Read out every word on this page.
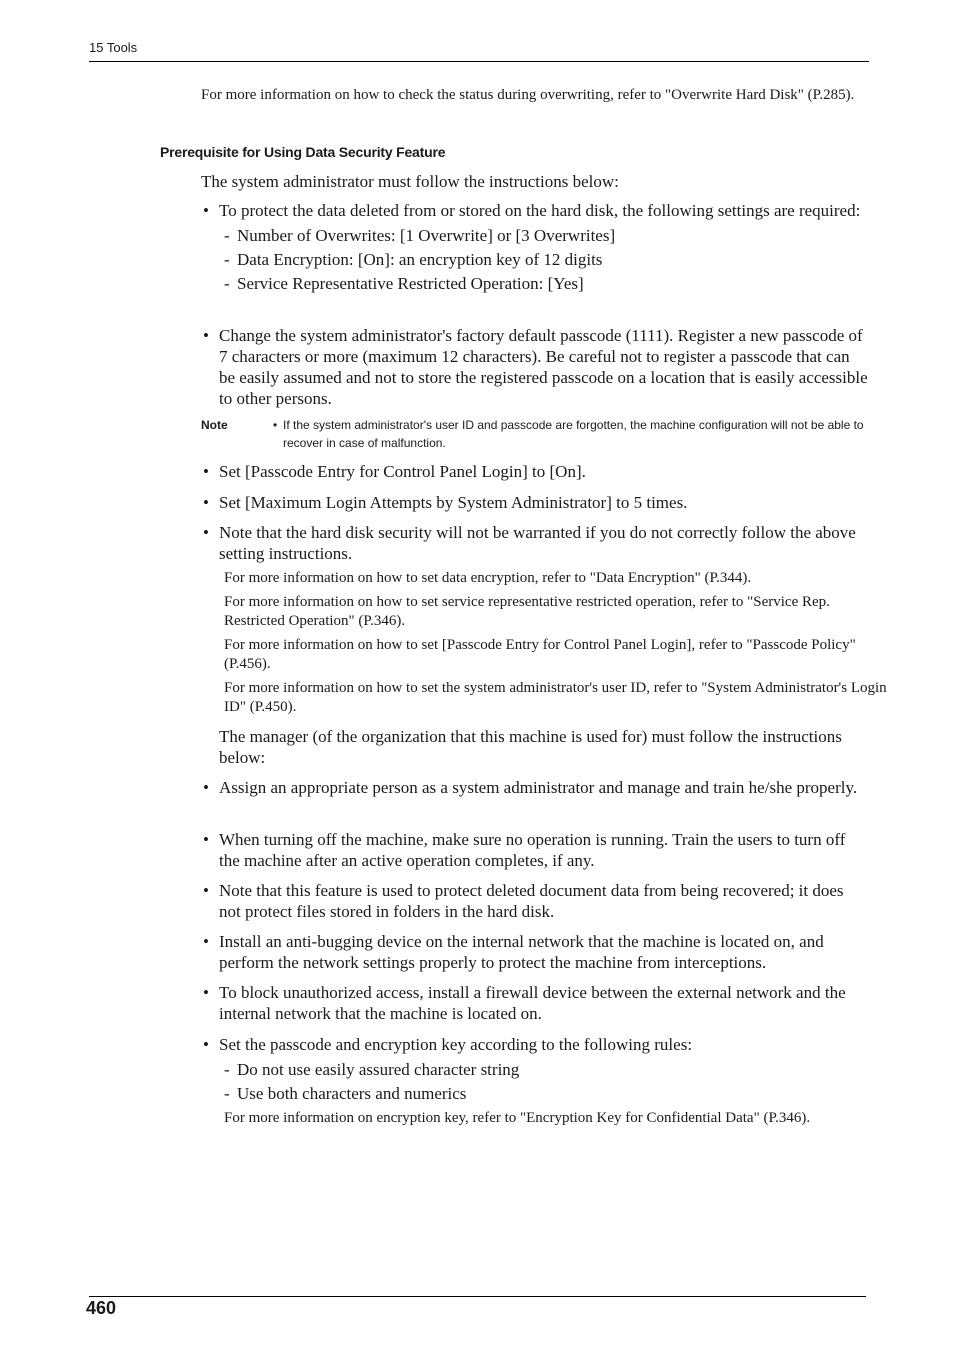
15 Tools
For more information on how to check the status during overwriting, refer to "Overwrite Hard Disk" (P.285).
Prerequisite for Using Data Security Feature
The system administrator must follow the instructions below:
• To protect the data deleted from or stored on the hard disk, the following settings are required:
- Number of Overwrites: [1 Overwrite] or [3 Overwrites]
- Data Encryption: [On]: an encryption key of 12 digits
- Service Representative Restricted Operation: [Yes]
• Change the system administrator's factory default passcode (1111). Register a new passcode of 7 characters or more (maximum 12 characters). Be careful not to register a passcode that can be easily assumed and not to store the registered passcode on a location that is easily accessible to other persons.
Note	• If the system administrator's user ID and passcode are forgotten, the machine configuration will not be able to recover in case of malfunction.
• Set [Passcode Entry for Control Panel Login] to [On].
• Set [Maximum Login Attempts by System Administrator] to 5 times.
• Note that the hard disk security will not be warranted if you do not correctly follow the above setting instructions.
For more information on how to set data encryption, refer to "Data Encryption" (P.344).
For more information on how to set service representative restricted operation, refer to "Service Rep. Restricted Operation" (P.346).
For more information on how to set [Passcode Entry for Control Panel Login], refer to "Passcode Policy" (P.456).
For more information on how to set the system administrator's user ID, refer to "System Administrator's Login ID" (P.450).
The manager (of the organization that this machine is used for) must follow the instructions below:
• Assign an appropriate person as a system administrator and manage and train he/she properly.
• When turning off the machine, make sure no operation is running. Train the users to turn off the machine after an active operation completes, if any.
• Note that this feature is used to protect deleted document data from being recovered; it does not protect files stored in folders in the hard disk.
• Install an anti-bugging device on the internal network that the machine is located on, and perform the network settings properly to protect the machine from interceptions.
• To block unauthorized access, install a firewall device between the external network and the internal network that the machine is located on.
• Set the passcode and encryption key according to the following rules:
- Do not use easily assured character string
- Use both characters and numerics
For more information on encryption key, refer to "Encryption Key for Confidential Data" (P.346).
460
